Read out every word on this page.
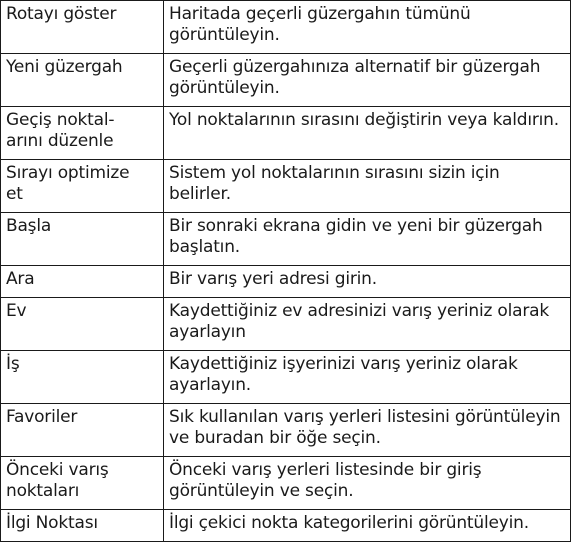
Rotayı göster	Haritada geçerli güzergahın tümünü görüntüleyin.
Yeni güzergah	Geçerli güzergahınıza alternatif bir güzergah görüntüleyin.
Geçiş noktal-
arını düzenle	Yol noktalarının sırasını değiştirin veya kaldırın.
Sırayı optimize
et	Sistem yol noktalarının sırasını sizin için belirler.
Başla	Bir sonraki ekrana gidin ve yeni bir güzergah başlatın.
Ara	Bir varış yeri adresi girin.
Ev	Kaydettiğiniz ev adresinizi varış yeriniz olarak ayarlayın
İş	Kaydettiğiniz işyerinizi varış yeriniz olarak ayarlayın.
Favoriler	Sık kullanılan varış yerleri listesini görüntüleyin ve buradan bir öğe seçin.
Önceki varış
noktaları	Önceki varış yerleri listesinde bir giriş görüntüleyin ve seçin.
İlgi Noktası	İlgi çekici nokta kategorilerini görüntüleyin.
